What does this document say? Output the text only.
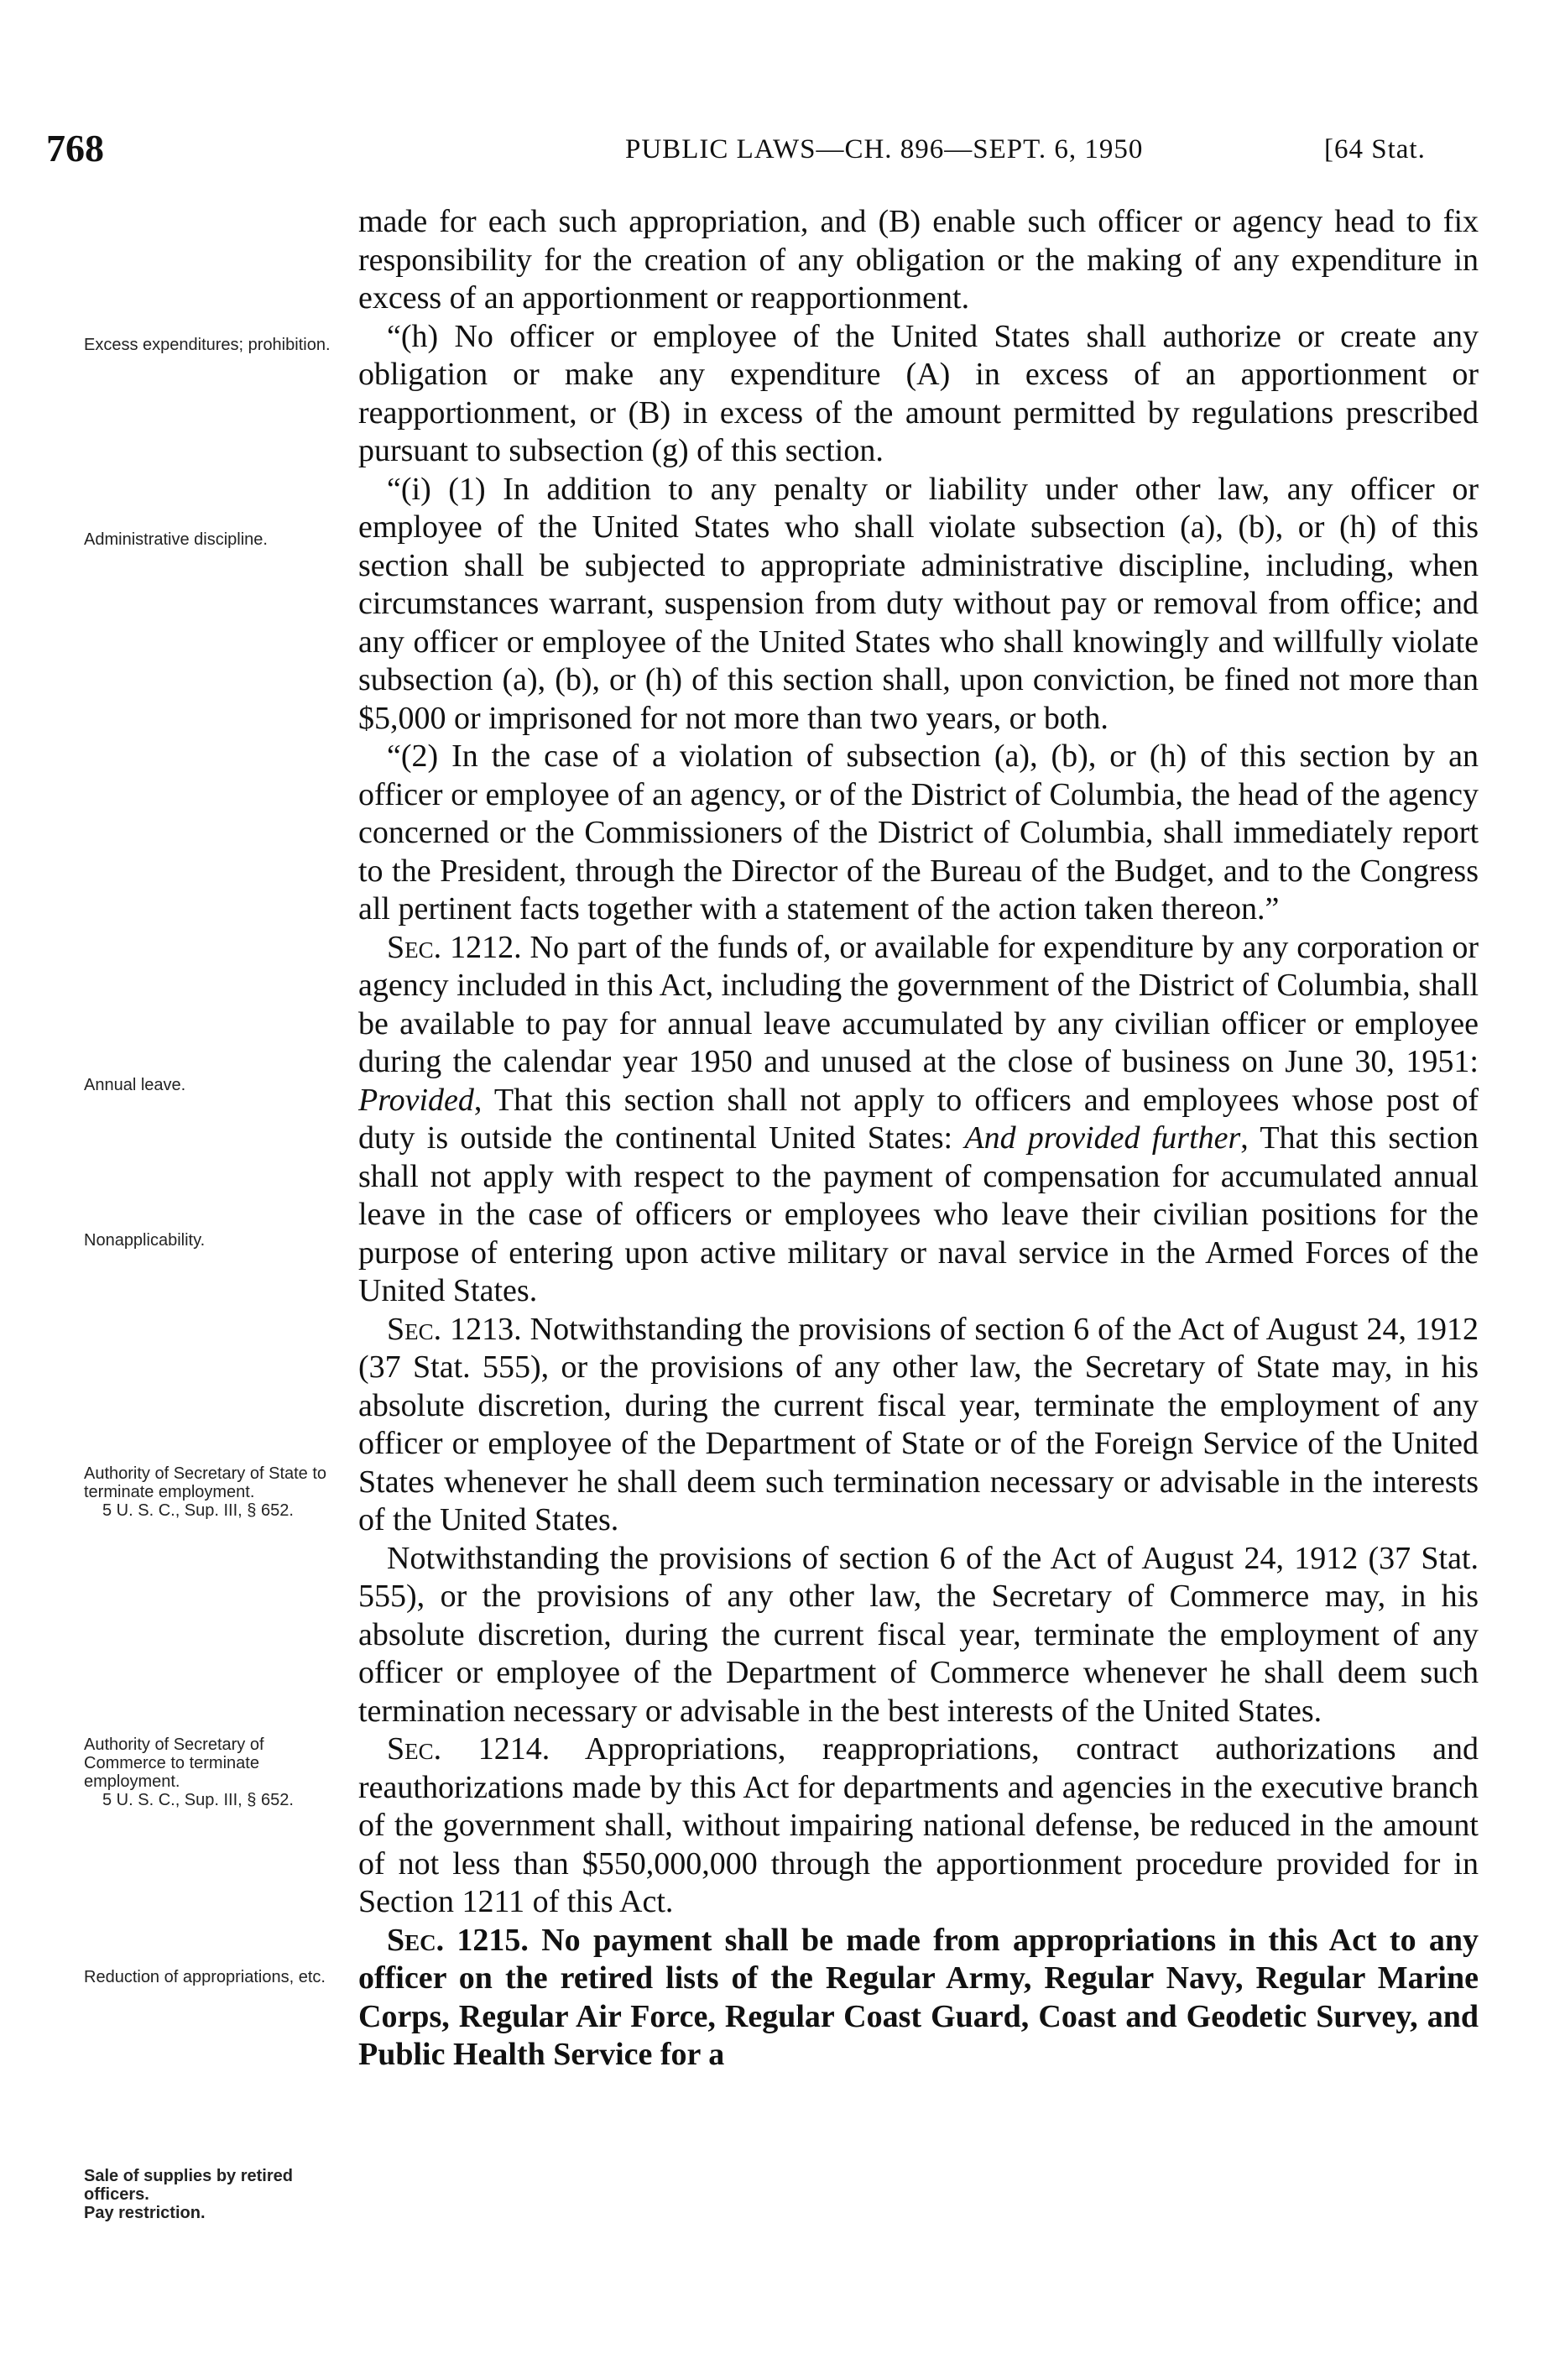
768	PUBLIC LAWS—CH. 896—SEPT. 6, 1950	[64 Stat.
Excess expenditures; prohibition.
Administrative discipline.
Annual leave.
Nonapplicability.
Authority of Secretary of State to terminate employment.
5 U. S. C., Sup. III, § 652.
Authority of Secretary of Commerce to terminate employment.
5 U. S. C., Sup. III, § 652.
Reduction of appropriations, etc.
Sale of supplies by retired officers.
Pay restriction.

made for each such appropriation, and (B) enable such officer or agency head to fix responsibility for the creation of any obligation or the making of any expenditure in excess of an apportionment or reapportionment.

“(h) No officer or employee of the United States shall authorize or create any obligation or make any expenditure (A) in excess of an apportionment or reapportionment, or (B) in excess of the amount permitted by regulations prescribed pursuant to subsection (g) of this section.

“(i) (1) In addition to any penalty or liability under other law, any officer or employee of the United States who shall violate subsection (a), (b), or (h) of this section shall be subjected to appropriate administrative discipline, including, when circumstances warrant, suspension from duty without pay or removal from office; and any officer or employee of the United States who shall knowingly and willfully violate subsection (a), (b), or (h) of this section shall, upon conviction, be fined not more than $5,000 or imprisoned for not more than two years, or both.

“(2) In the case of a violation of subsection (a), (b), or (h) of this section by an officer or employee of an agency, or of the District of Columbia, the head of the agency concerned or the Commissioners of the District of Columbia, shall immediately report to the President, through the Director of the Bureau of the Budget, and to the Congress all pertinent facts together with a statement of the action taken thereon.”

Sec. 1212. No part of the funds of, or available for expenditure by any corporation or agency included in this Act, including the government of the District of Columbia, shall be available to pay for annual leave accumulated by any civilian officer or employee during the calendar year 1950 and unused at the close of business on June 30, 1951: Provided, That this section shall not apply to officers and employees whose post of duty is outside the continental United States: And provided further, That this section shall not apply with respect to the payment of compensation for accumulated annual leave in the case of officers or employees who leave their civilian positions for the purpose of entering upon active military or naval service in the Armed Forces of the United States.

Sec. 1213. Notwithstanding the provisions of section 6 of the Act of August 24, 1912 (37 Stat. 555), or the provisions of any other law, the Secretary of State may, in his absolute discretion, during the current fiscal year, terminate the employment of any officer or employee of the Department of State or of the Foreign Service of the United States whenever he shall deem such termination necessary or advisable in the interests of the United States.

Notwithstanding the provisions of section 6 of the Act of August 24, 1912 (37 Stat. 555), or the provisions of any other law, the Secretary of Commerce may, in his absolute discretion, during the current fiscal year, terminate the employment of any officer or employee of the Department of Commerce whenever he shall deem such termination necessary or advisable in the best interests of the United States.

Sec. 1214. Appropriations, reappropriations, contract authorizations and reauthorizations made by this Act for departments and agencies in the executive branch of the government shall, without impairing national defense, be reduced in the amount of not less than $550,000,000 through the apportionment procedure provided for in Section 1211 of this Act.

Sec. 1215. No payment shall be made from appropriations in this Act to any officer on the retired lists of the Regular Army, Regular Navy, Regular Marine Corps, Regular Air Force, Regular Coast Guard, Coast and Geodetic Survey, and Public Health Service for a
